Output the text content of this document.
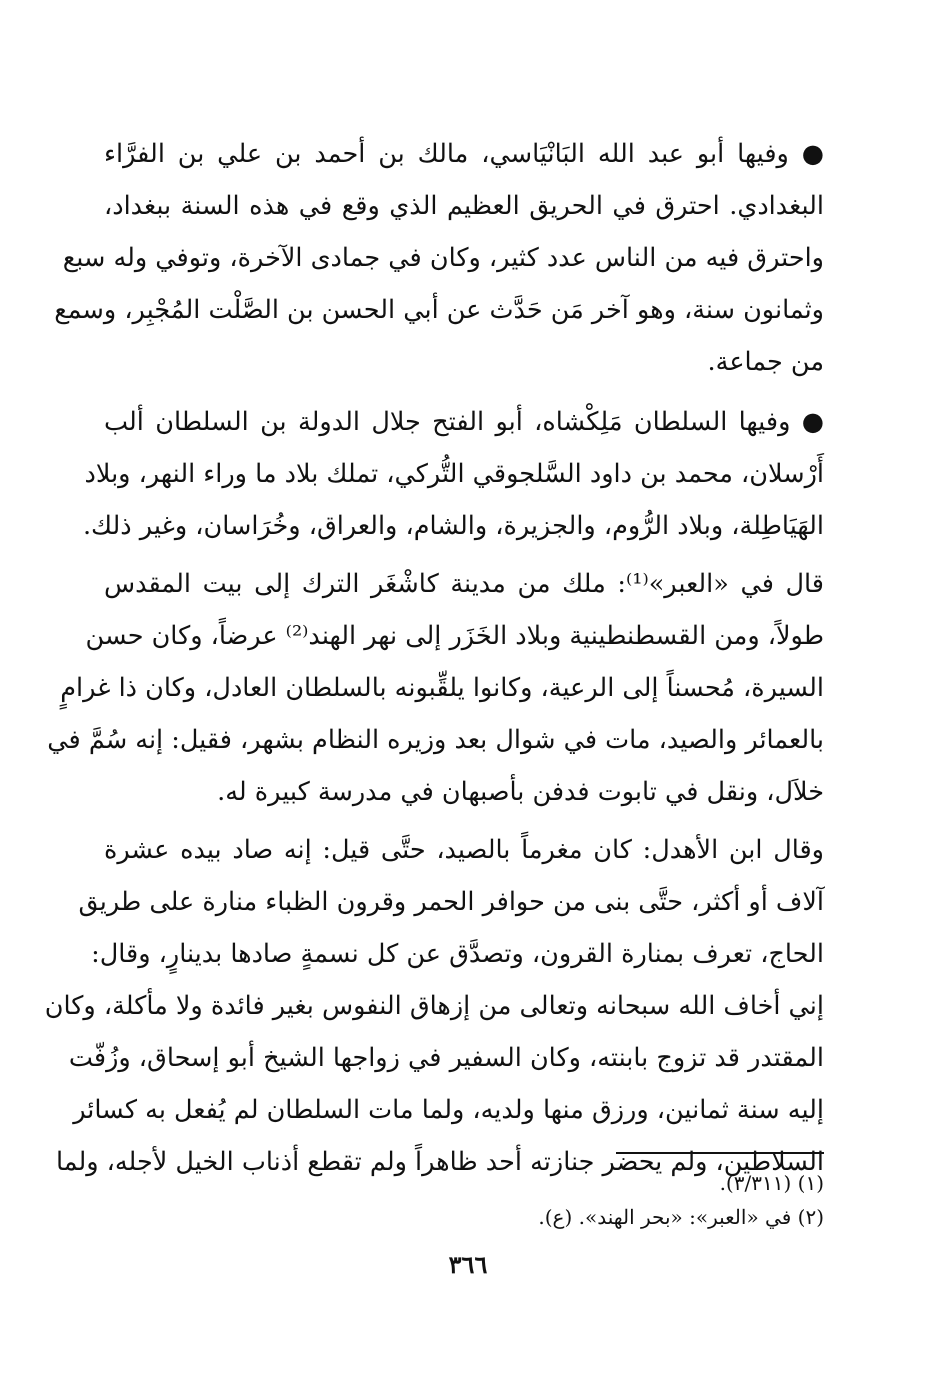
● وفيها أبو عبد الله البَانْيَاسي، مالك بن أحمد بن علي بن الفرَّاء
البغدادي. احترق في الحريق العظيم الذي وقع في هذه السنة ببغداد،
واحترق فيه من الناس عدد كثير، وكان في جمادى الآخرة، وتوفي وله سبع
وثمانون سنة، وهو آخر مَن حَدَّث عن أبي الحسن بن الصَّلْت المُجْبِر، وسمع
من جماعة.
● وفيها السلطان مَلِكْشاه، أبو الفتح جلال الدولة بن السلطان ألب
أَرْسلان، محمد بن داود السَّلجوقي التُّركي، تملك بلاد ما وراء النهر، وبلاد
الهَيَاطِلة، وبلاد الرُّوم، والجزيرة، والشام، والعراق، وخُرَاسان، وغير ذلك.
قال في «العبر»⁽¹⁾: ملك من مدينة كاشْغَر الترك إلى بيت المقدس
طولاً، ومن القسطنطينية وبلاد الخَزَر إلى نهر الهند⁽²⁾ عرضاً، وكان حسن
السيرة، مُحسناً إلى الرعية، وكانوا يلقِّبونه بالسلطان العادل، وكان ذا غرامٍ
بالعمائر والصيد، مات في شوال بعد وزيره النظام بشهر، فقيل: إنه سُمَّ في
خلاَل، ونقل في تابوت فدفن بأصبهان في مدرسة كبيرة له.
وقال ابن الأهدل: كان مغرماً بالصيد، حتَّى قيل: إنه صاد بيده عشرة
آلاف أو أكثر، حتَّى بنى من حوافر الحمر وقرون الظباء منارة على طريق
الحاج، تعرف بمنارة القرون، وتصدَّق عن كل نسمةٍ صادها بدينارٍ، وقال:
إني أخاف الله سبحانه وتعالى من إزهاق النفوس بغير فائدة ولا مأكلة، وكان
المقتدر قد تزوج بابنته، وكان السفير في زواجها الشيخ أبو إسحاق، وزُفّت
إليه سنة ثمانين، ورزق منها ولديه، ولما مات السلطان لم يُفعل به كسائر
السلاطين، ولم يحضر جنازته أحد ظاهراً ولم تقطع أذناب الخيل لأجله، ولما
(١) (٣/٣١١).
(٢) في «العبر»: «بحر الهند». (ع).
٣٦٦
